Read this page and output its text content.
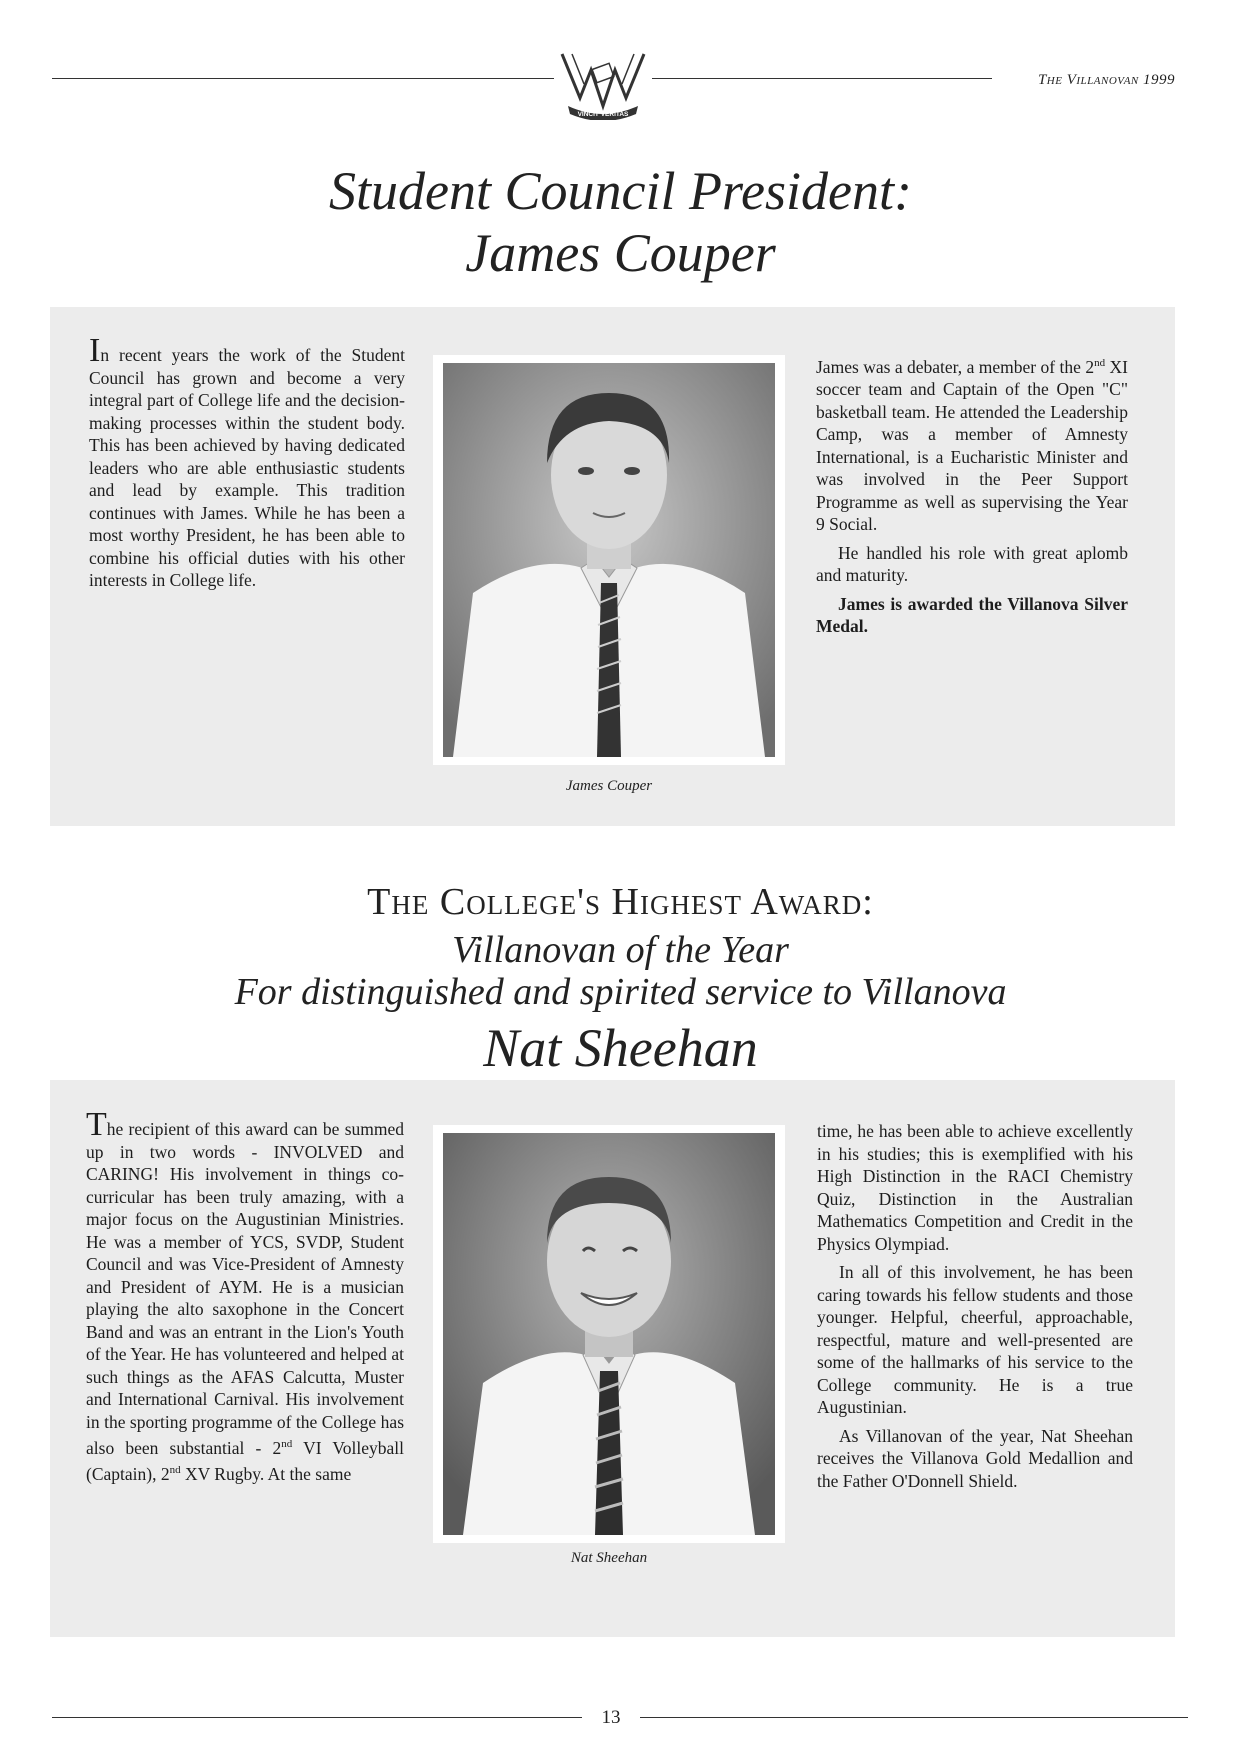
VINCIT VERITAS
The Villanovan 1999
Student Council President:
James Couper

In recent years the work of the Student Council has grown and become a very integral part of College life and the decision-making processes within the student body. This has been achieved by having dedicated leaders who are able enthusiastic students and lead by example. This tradition continues with James. While he has been a most worthy President, he has been able to combine his official duties with his other interests in College life.

James Couper

James was a debater, a member of the 2nd XI soccer team and Captain of the Open "C" basketball team. He attended the Leadership Camp, was a member of Amnesty International, is a Eucharistic Minister and was involved in the Peer Support Programme as well as supervising the Year 9 Social.

He handled his role with great aplomb and maturity.

James is awarded the Villanova Silver Medal.

The College's Highest Award:
Villanovan of the Year
For distinguished and spirited service to Villanova
Nat Sheehan

The recipient of this award can be summed up in two words - INVOLVED and CARING! His involvement in things co-curricular has been truly amazing, with a major focus on the Augustinian Ministries. He was a member of YCS, SVDP, Student Council and was Vice-President of Amnesty and President of AYM. He is a musician playing the alto saxophone in the Concert Band and was an entrant in the Lion's Youth of the Year. He has volunteered and helped at such things as the AFAS Calcutta, Muster and International Carnival. His involvement in the sporting programme of the College has also been substantial - 2nd VI Volleyball (Captain), 2nd XV Rugby. At the same

Nat Sheehan

time, he has been able to achieve excellently in his studies; this is exemplified with his High Distinction in the RACI Chemistry Quiz, Distinction in the Australian Mathematics Competition and Credit in the Physics Olympiad.

In all of this involvement, he has been caring towards his fellow students and those younger. Helpful, cheerful, approachable, respectful, mature and well-presented are some of the hallmarks of his service to the College community. He is a true Augustinian.

As Villanovan of the year, Nat Sheehan receives the Villanova Gold Medallion and the Father O'Donnell Shield.

13
